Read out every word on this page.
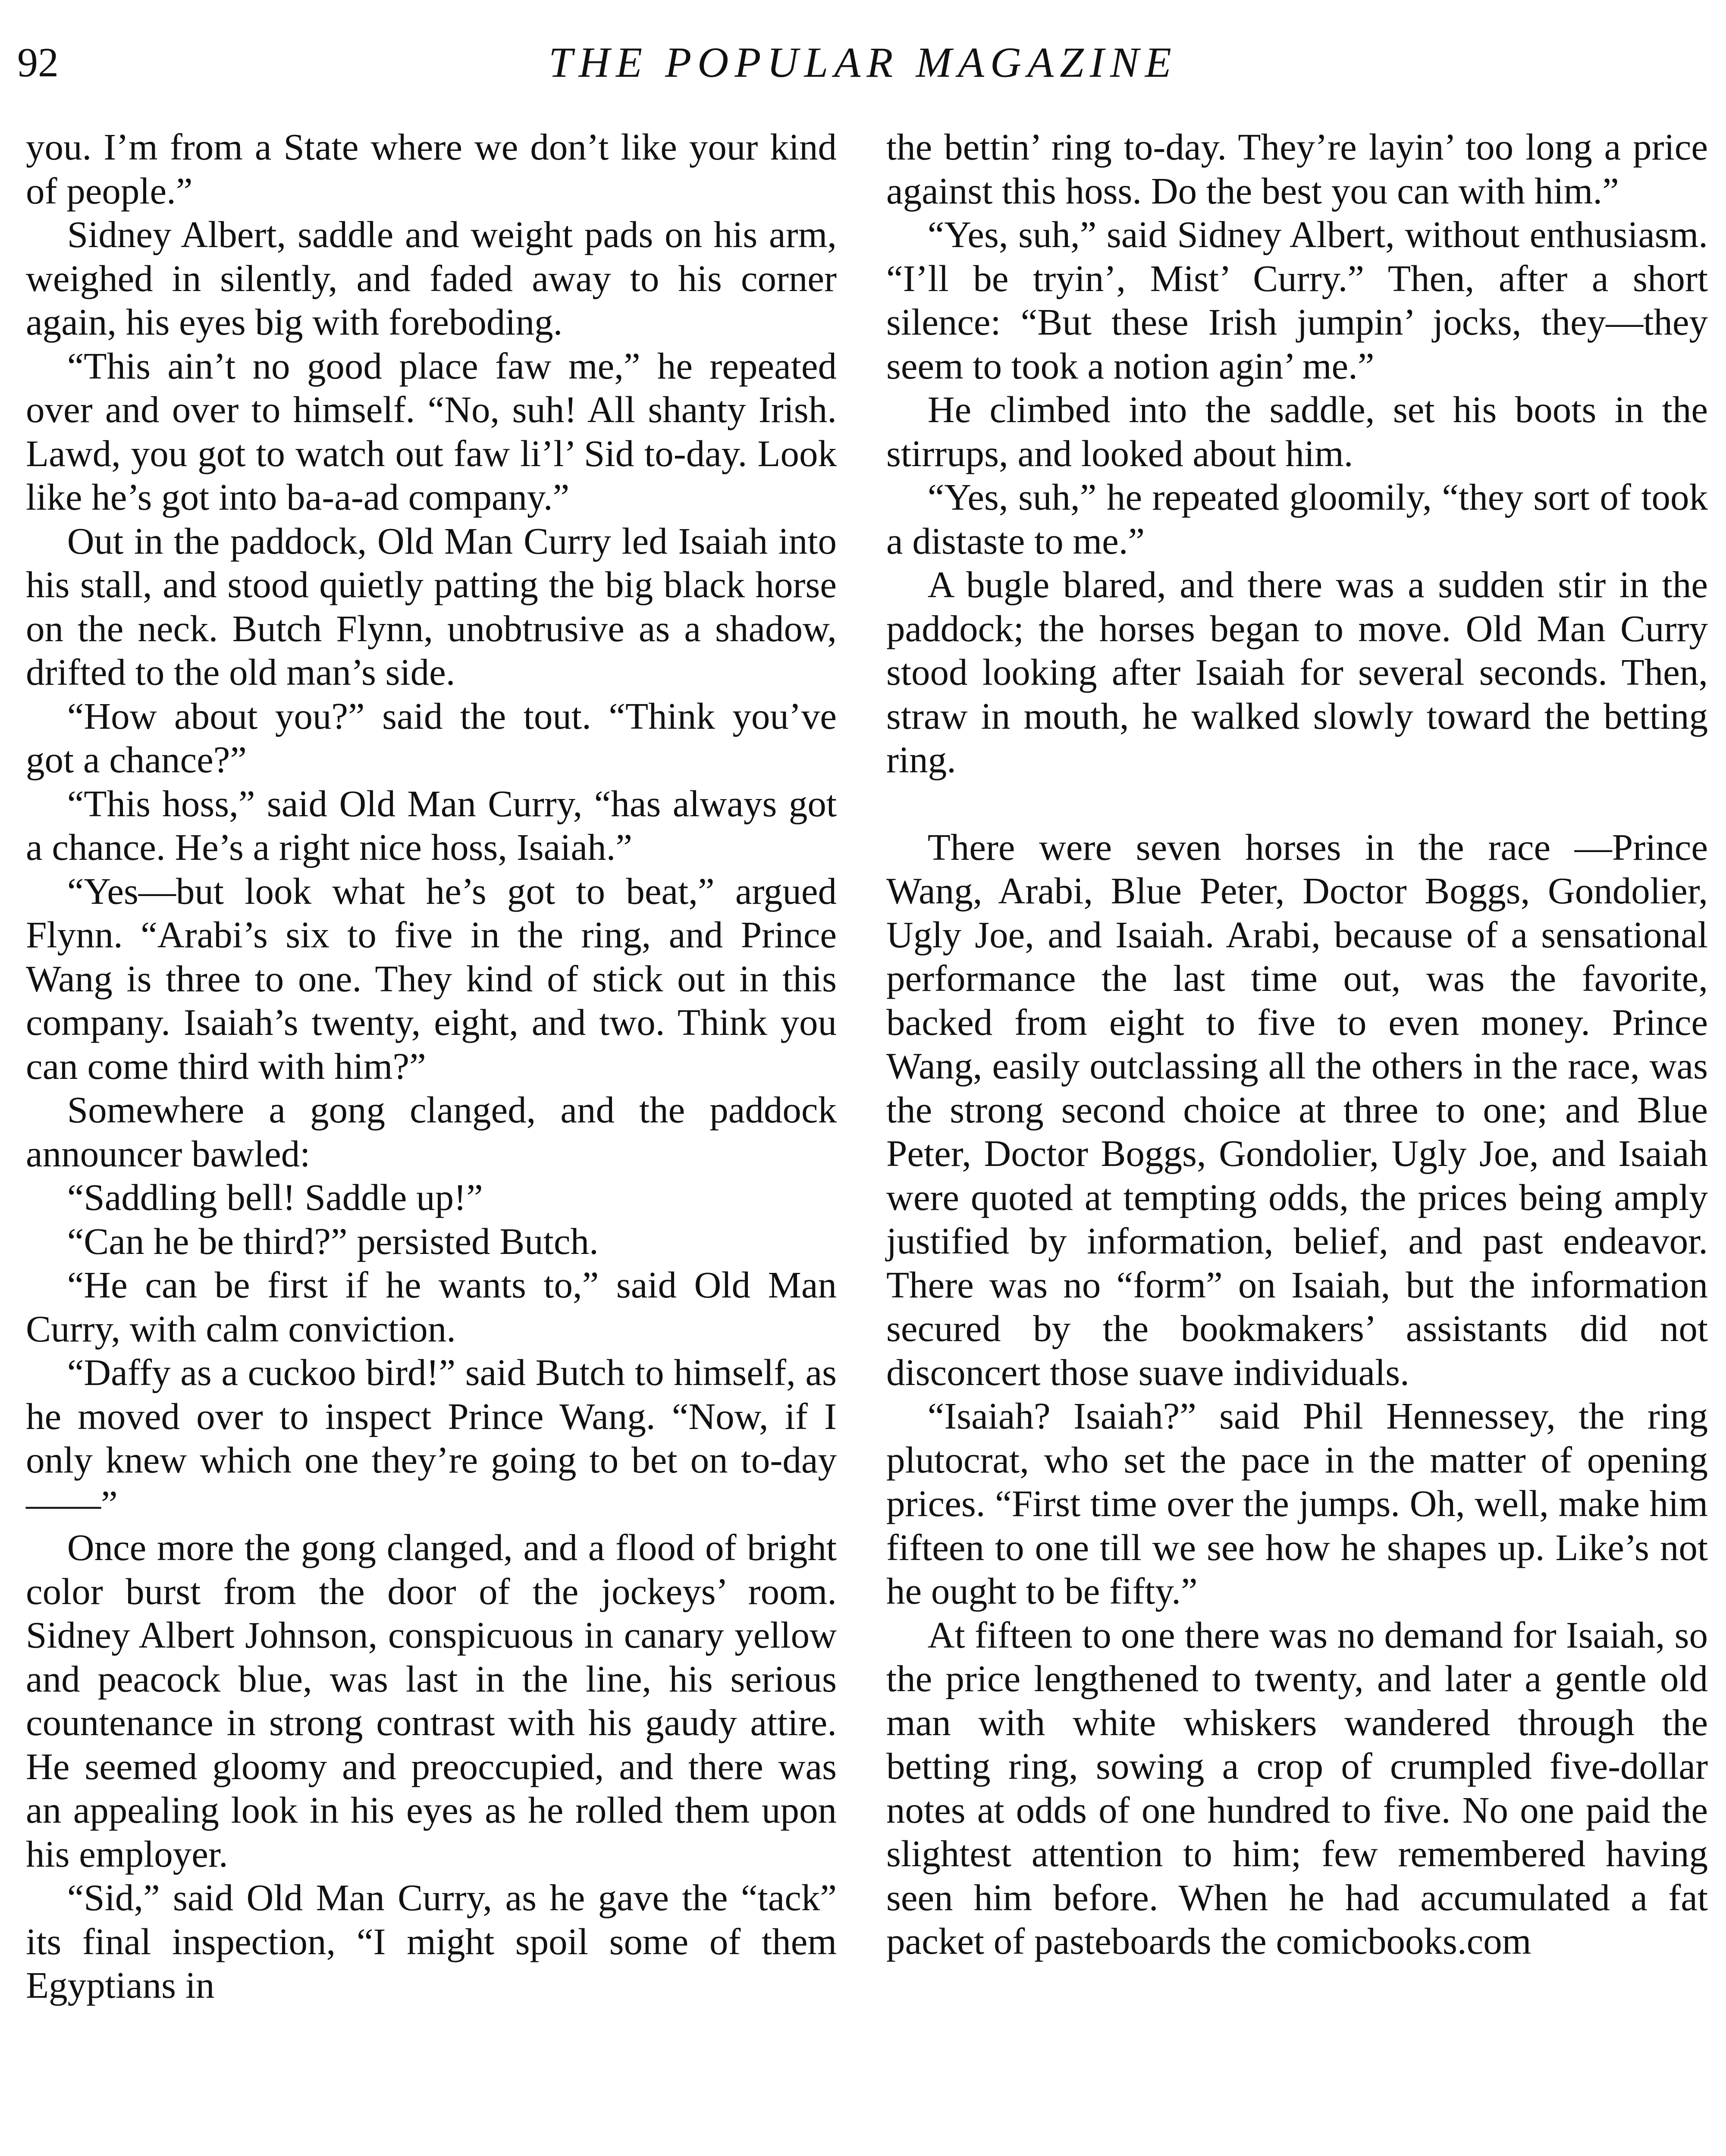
92	THE POPULAR MAGAZINE

you. I’m from a State where we don’t like your kind of people.”

Sidney Albert, saddle and weight pads on his arm, weighed in silently, and faded away to his corner again, his eyes big with foreboding.

“This ain’t no good place faw me,” he repeated over and over to himself. “No, suh! All shanty Irish. Lawd, you got to watch out faw li’l’ Sid to-day. Look like he’s got into ba-a-ad company.”

Out in the paddock, Old Man Curry led Isaiah into his stall, and stood quietly patting the big black horse on the neck. Butch Flynn, unobtrusive as a shadow, drifted to the old man’s side.

“How about you?” said the tout. “Think you’ve got a chance?”

“This hoss,” said Old Man Curry, “has always got a chance. He’s a right nice hoss, Isaiah.”

“Yes—but look what he’s got to beat,” argued Flynn. “Arabi’s six to five in the ring, and Prince Wang is three to one. They kind of stick out in this company. Isaiah’s twenty, eight, and two. Think you can come third with him?”

Somewhere a gong clanged, and the paddock announcer bawled:

“Saddling bell! Saddle up!”

“Can he be third?” persisted Butch.

“He can be first if he wants to,” said Old Man Curry, with calm conviction.

“Daffy as a cuckoo bird!” said Butch to himself, as he moved over to inspect Prince Wang. “Now, if I only knew which one they’re going to bet on to-day——”

Once more the gong clanged, and a flood of bright color burst from the door of the jockeys’ room. Sidney Albert Johnson, conspicuous in canary yellow and peacock blue, was last in the line, his serious countenance in strong contrast with his gaudy attire. He seemed gloomy and preoccupied, and there was an appealing look in his eyes as he rolled them upon his employer.

“Sid,” said Old Man Curry, as he gave the “tack” its final inspection, “I might spoil some of them Egyptians in

the bettin’ ring to-day. They’re layin’ too long a price against this hoss. Do the best you can with him.”

“Yes, suh,” said Sidney Albert, without enthusiasm. “I’ll be tryin’, Mist’ Curry.” Then, after a short silence: “But these Irish jumpin’ jocks, they—they seem to took a notion agin’ me.”

He climbed into the saddle, set his boots in the stirrups, and looked about him.

“Yes, suh,” he repeated gloomily, “they sort of took a distaste to me.”

A bugle blared, and there was a sudden stir in the paddock; the horses began to move. Old Man Curry stood looking after Isaiah for several seconds. Then, straw in mouth, he walked slowly toward the betting ring.

There were seven horses in the race —Prince Wang, Arabi, Blue Peter, Doctor Boggs, Gondolier, Ugly Joe, and Isaiah. Arabi, because of a sensational performance the last time out, was the favorite, backed from eight to five to even money. Prince Wang, easily outclassing all the others in the race, was the strong second choice at three to one; and Blue Peter, Doctor Boggs, Gondolier, Ugly Joe, and Isaiah were quoted at tempting odds, the prices being amply justified by information, belief, and past endeavor. There was no “form” on Isaiah, but the information secured by the bookmakers’ assistants did not disconcert those suave individuals.

“Isaiah? Isaiah?” said Phil Hennessey, the ring plutocrat, who set the pace in the matter of opening prices. “First time over the jumps. Oh, well, make him fifteen to one till we see how he shapes up. Like’s not he ought to be fifty.”

At fifteen to one there was no demand for Isaiah, so the price lengthened to twenty, and later a gentle old man with white whiskers wandered through the betting ring, sowing a crop of crumpled five-dollar notes at odds of one hundred to five. No one paid the slightest attention to him; few remembered having seen him before. When he had accumulated a fat packet of pasteboards the comicbooks.com
